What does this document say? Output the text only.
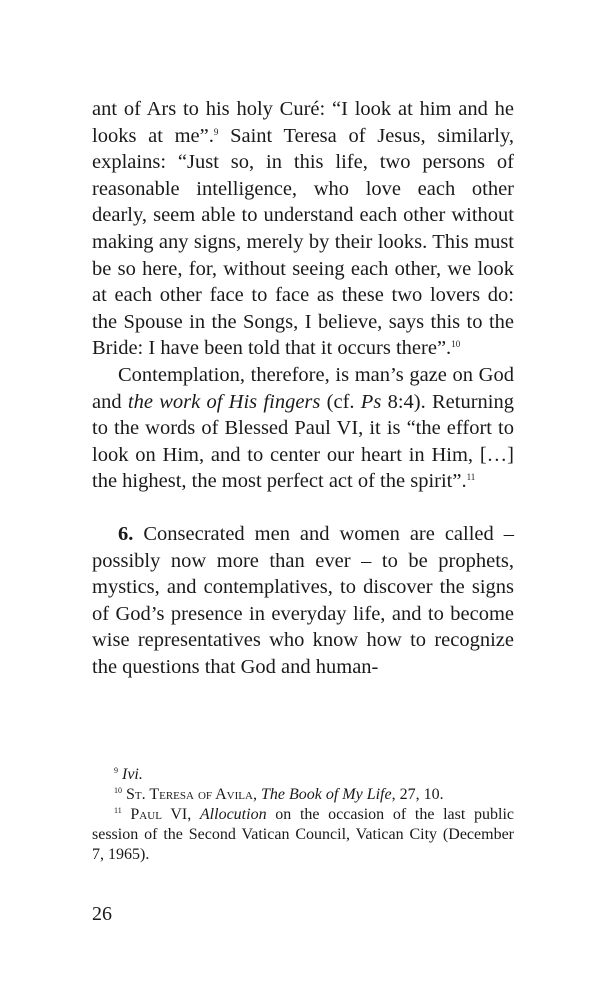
ant of Ars to his holy Curé: “I look at him and he looks at me”.$^9$ Saint Teresa of Jesus, similarly, explains: “Just so, in this life, two persons of reasonable intelligence, who love each other dearly, seem able to understand each other without making any signs, merely by their looks. This must be so here, for, without seeing each other, we look at each other face to face as these two lovers do: the Spouse in the Songs, I believe, says this to the Bride: I have been told that it occurs there”.$^{10}$

Contemplation, therefore, is man’s gaze on God and the work of His fingers (cf. Ps 8:4). Returning to the words of Blessed Paul VI, it is “the effort to look on Him, and to center our heart in Him, […] the highest, the most perfect act of the spirit”.$^{11}$

6. Consecrated men and women are called – possibly now more than ever – to be prophets, mystics, and contemplatives, to discover the signs of God’s presence in everyday life, and to become wise representatives who know how to recognize the questions that God and human-

$^9$ Ivi.

$^{10}$ St. Teresa of Avila, The Book of My Life, 27, 10.

$^{11}$ Paul VI, Allocution on the occasion of the last public session of the Second Vatican Council, Vatican City (December 7, 1965).

26
